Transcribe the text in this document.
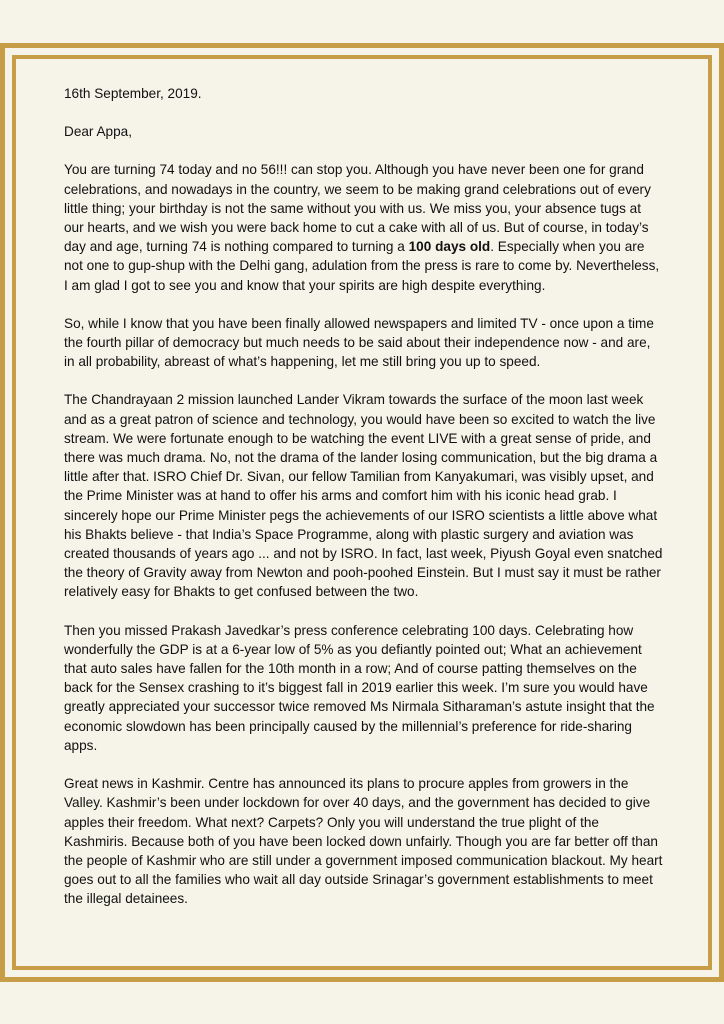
16th September, 2019.

Dear Appa,

You are turning 74 today and no 56!!! can stop you. Although you have never been one for grand celebrations, and nowadays in the country, we seem to be making grand celebrations out of every little thing; your birthday is not the same without you with us. We miss you, your absence tugs at our hearts, and we wish you were back home to cut a cake with all of us. But of course, in today’s day and age, turning 74 is nothing compared to turning a 100 days old. Especially when you are not one to gup-shup with the Delhi gang, adulation from the press is rare to come by. Nevertheless, I am glad I got to see you and know that your spirits are high despite everything.

So, while I know that you have been finally allowed newspapers and limited TV - once upon a time the fourth pillar of democracy but much needs to be said about their independence now - and are, in all probability, abreast of what’s happening, let me still bring you up to speed.

The Chandrayaan 2 mission launched Lander Vikram towards the surface of the moon last week and as a great patron of science and technology, you would have been so excited to watch the live stream. We were fortunate enough to be watching the event LIVE with a great sense of pride, and there was much drama. No, not the drama of the lander losing communication, but the big drama a little after that. ISRO Chief Dr. Sivan, our fellow Tamilian from Kanyakumari, was visibly upset, and the Prime Minister was at hand to offer his arms and comfort him with his iconic head grab. I sincerely hope our Prime Minister pegs the achievements of our ISRO scientists a little above what his Bhakts believe - that India’s Space Programme, along with plastic surgery and aviation was created thousands of years ago ... and not by ISRO. In fact, last week, Piyush Goyal even snatched the theory of Gravity away from Newton and pooh-poohed Einstein. But I must say it must be rather relatively easy for Bhakts to get confused between the two.

Then you missed Prakash Javedkar’s press conference celebrating 100 days. Celebrating how wonderfully the GDP is at a 6-year low of 5% as you defiantly pointed out; What an achievement that auto sales have fallen for the 10th month in a row; And of course patting themselves on the back for the Sensex crashing to it’s biggest fall in 2019 earlier this week. I’m sure you would have greatly appreciated your successor twice removed Ms Nirmala Sitharaman’s astute insight that the economic slowdown has been principally caused by the millennial’s preference for ride-sharing apps.

Great news in Kashmir. Centre has announced its plans to procure apples from growers in the Valley. Kashmir’s been under lockdown for over 40 days, and the government has decided to give apples their freedom. What next? Carpets? Only you will understand the true plight of the Kashmiris. Because both of you have been locked down unfairly. Though you are far better off than the people of Kashmir who are still under a government imposed communication blackout. My heart goes out to all the families who wait all day outside Srinagar’s government establishments to meet the illegal detainees.
